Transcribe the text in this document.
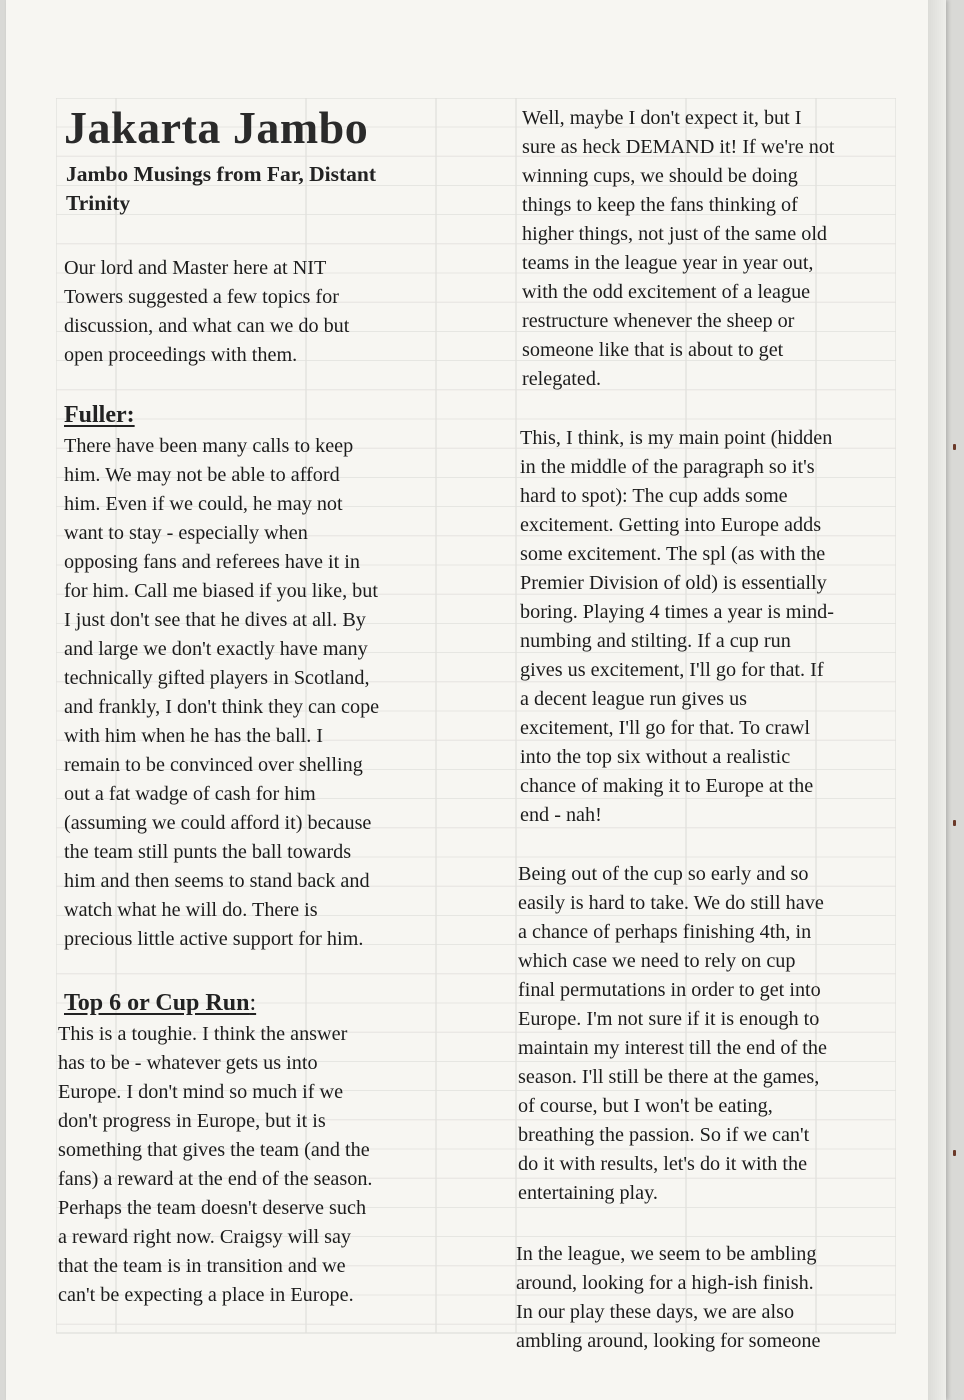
Jakarta Jambo
Jambo Musings from Far, Distant Trinity

Our lord and Master here at NIT
Towers suggested a few topics for
discussion, and what can we do but
open proceedings with them.

Fuller:

There have been many calls to keep
him. We may not be able to afford
him. Even if we could, he may not
want to stay - especially when
opposing fans and referees have it in
for him. Call me biased if you like, but
I just don't see that he dives at all. By
and large we don't exactly have many
technically gifted players in Scotland,
and frankly, I don't think they can cope
with him when he has the ball. I
remain to be convinced over shelling
out a fat wadge of cash for him
(assuming we could afford it) because
the team still punts the ball towards
him and then seems to stand back and
watch what he will do. There is
precious little active support for him.

Top 6 or Cup Run:

This is a toughie. I think the answer
has to be - whatever gets us into
Europe. I don't mind so much if we
don't progress in Europe, but it is
something that gives the team (and the
fans) a reward at the end of the season.
Perhaps the team doesn't deserve such
a reward right now. Craigsy will say
that the team is in transition and we
can't be expecting a place in Europe.

Well, maybe I don't expect it, but I
sure as heck DEMAND it! If we're not
winning cups, we should be doing
things to keep the fans thinking of
higher things, not just of the same old
teams in the league year in year out,
with the odd excitement of a league
restructure whenever the sheep or
someone like that is about to get
relegated.

This, I think, is my main point (hidden
in the middle of the paragraph so it's
hard to spot): The cup adds some
excitement. Getting into Europe adds
some excitement. The spl (as with the
Premier Division of old) is essentially
boring. Playing 4 times a year is mind-
numbing and stilting. If a cup run
gives us excitement, I'll go for that. If
a decent league run gives us
excitement, I'll go for that. To crawl
into the top six without a realistic
chance of making it to Europe at the
end - nah!

Being out of the cup so early and so
easily is hard to take. We do still have
a chance of perhaps finishing 4th, in
which case we need to rely on cup
final permutations in order to get into
Europe. I'm not sure if it is enough to
maintain my interest till the end of the
season. I'll still be there at the games,
of course, but I won't be eating,
breathing the passion. So if we can't
do it with results, let's do it with the
entertaining play.

In the league, we seem to be ambling
around, looking for a high-ish finish.
In our play these days, we are also
ambling around, looking for someone
